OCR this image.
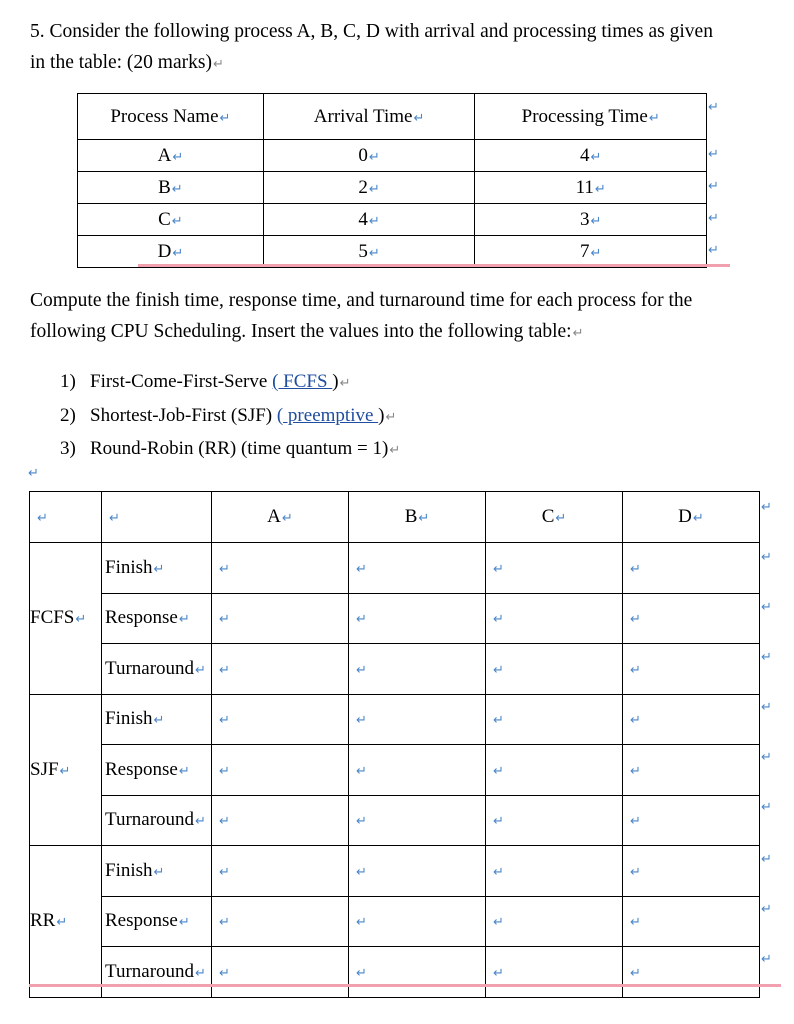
5. Consider the following process A, B, C, D with arrival and processing times as given
in the table: (20 marks) ↵
Process Name ↵	Arrival Time ↵	Processing Time ↵
A ↵	0 ↵	4 ↵
B ↵	2 ↵	11 ↵
C ↵	4 ↵	3 ↵
D ↵	5 ↵	7 ↵
↵
↵
↵
↵
↵
Compute the finish time, response time, and turnaround time for each process for the
following CPU Scheduling. Insert the values into the following table: ↵
1) First-Come-First-Serve ( FCFS ) ↵
2) Shortest-Job-First (SJF) ( preemptive ) ↵
3) Round-Robin (RR) (time quantum = 1) ↵
↵
↵	↵	A ↵	B ↵	C ↵	D ↵
FCFS ↵	Finish ↵	↵	↵	↵	↵
	Response ↵	↵	↵	↵	↵
	Turnaround ↵	↵	↵	↵	↵
SJF ↵	Finish ↵	↵	↵	↵	↵
	Response ↵	↵	↵	↵	↵
	Turnaround ↵	↵	↵	↵	↵
RR ↵	Finish ↵	↵	↵	↵	↵
	Response ↵	↵	↵	↵	↵
	Turnaround ↵	↵	↵	↵	↵
↵
↵
↵
↵
↵
↵
↵
↵
↵
↵
